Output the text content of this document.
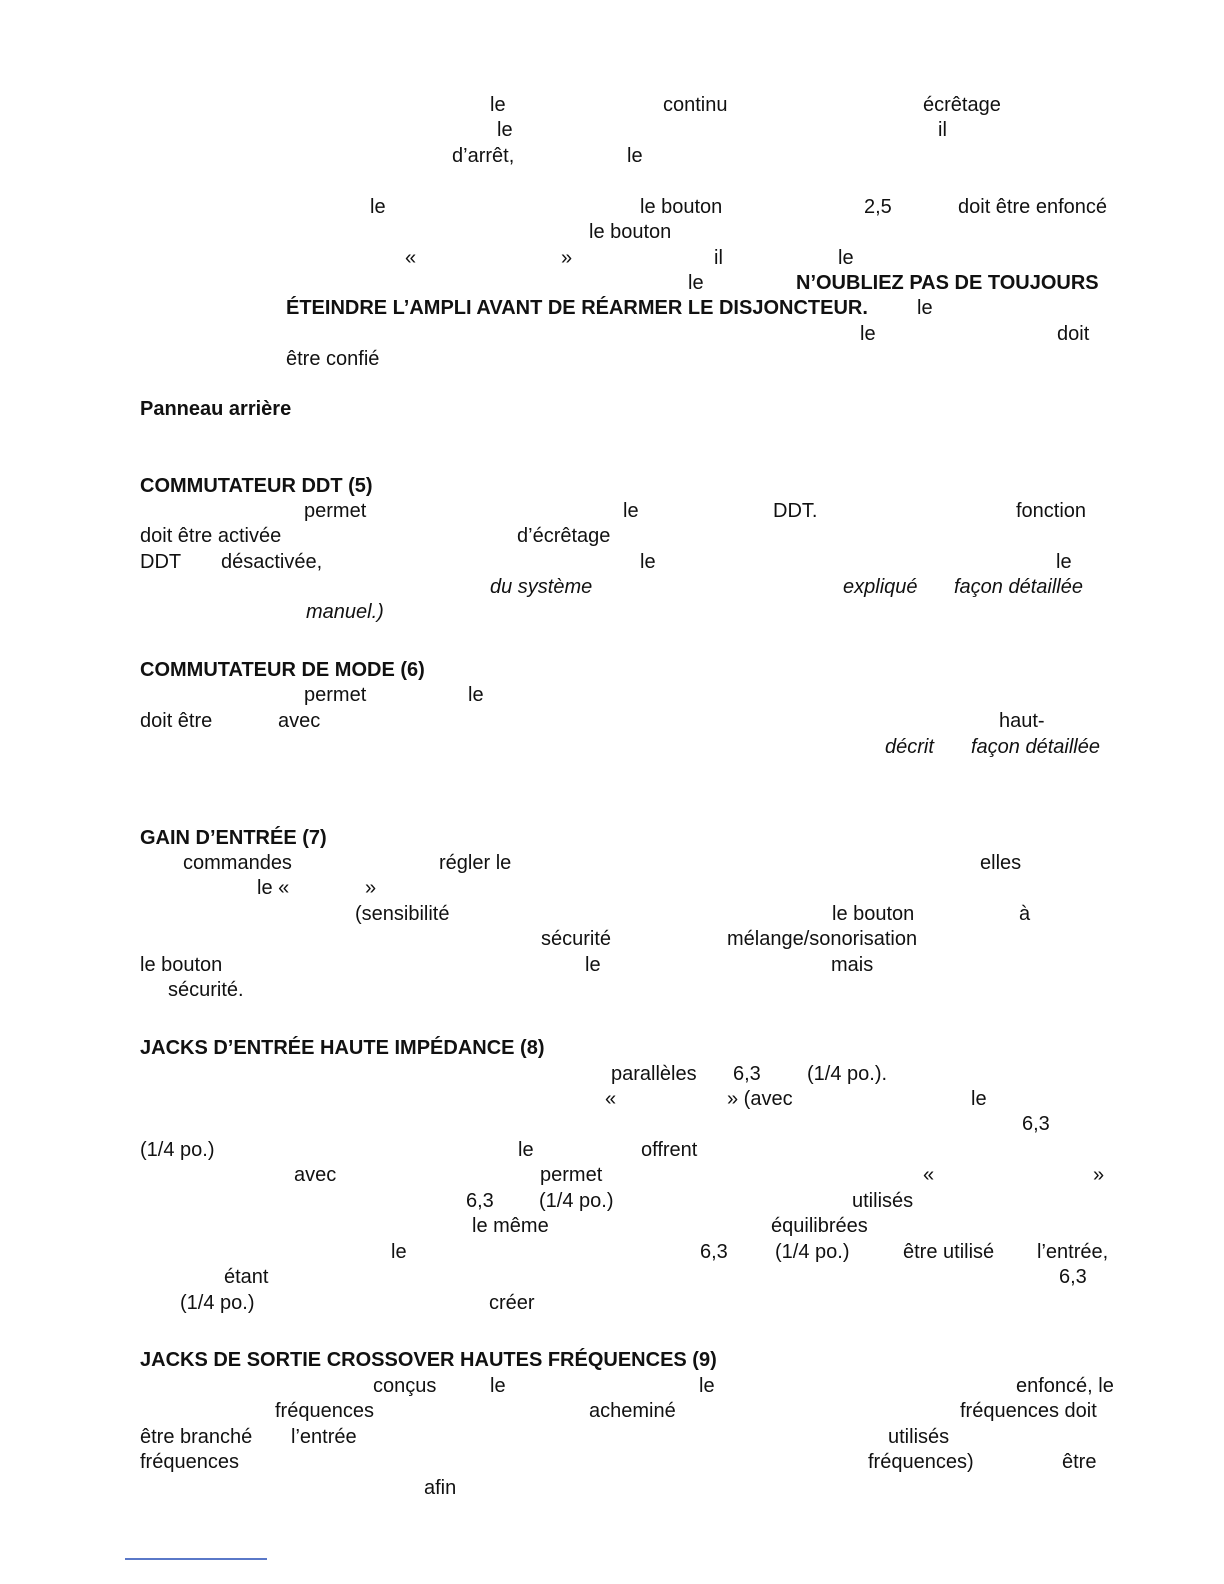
le	continu	écrêtage
le	il
d’arrêt,	le
le	le bouton	2,5	doit être enfoncé
le bouton
«	»	il	le
le	N’OUBLIEZ PAS DE TOUJOURS
ÉTEINDRE L’AMPLI AVANT DE RÉARMER LE DISJONCTEUR. le
le	doit
être confié
Panneau arrière
COMMUTATEUR DDT (5)
permet	le	DDT.	fonction
doit être activée	d’écrêtage
DDT désactivée,	le	le
du système	expliqué façon détaillée
manuel.)
COMMUTATEUR DE MODE (6)
permet	le
doit être	avec	haut-
décrit façon détaillée
GAIN D’ENTRÉE (7)
commandes	régler le	elles
le «	»
(sensibilité	le bouton	à
sécurité	mélange/sonorisation
le bouton	le	mais
sécurité.
JACKS D’ENTRÉE HAUTE IMPÉDANCE (8)
parallèles 6,3 (1/4 po.).
«	» (avec	le
6,3
(1/4 po.)	le	offrent
avec	permet	«	»
6,3 (1/4 po.)	utilisés
le même	équilibrées
le	6,3 (1/4 po.)	être utilisé l’entrée,
étant	6,3
(1/4 po.)	créer
JACKS DE SORTIE CROSSOVER HAUTES FRÉQUENCES (9)
conçus	le	le	enfoncé, le
fréquences	acheminé	fréquences doit
être branché l’entrée	utilisés
fréquences	fréquences)	être
afin
